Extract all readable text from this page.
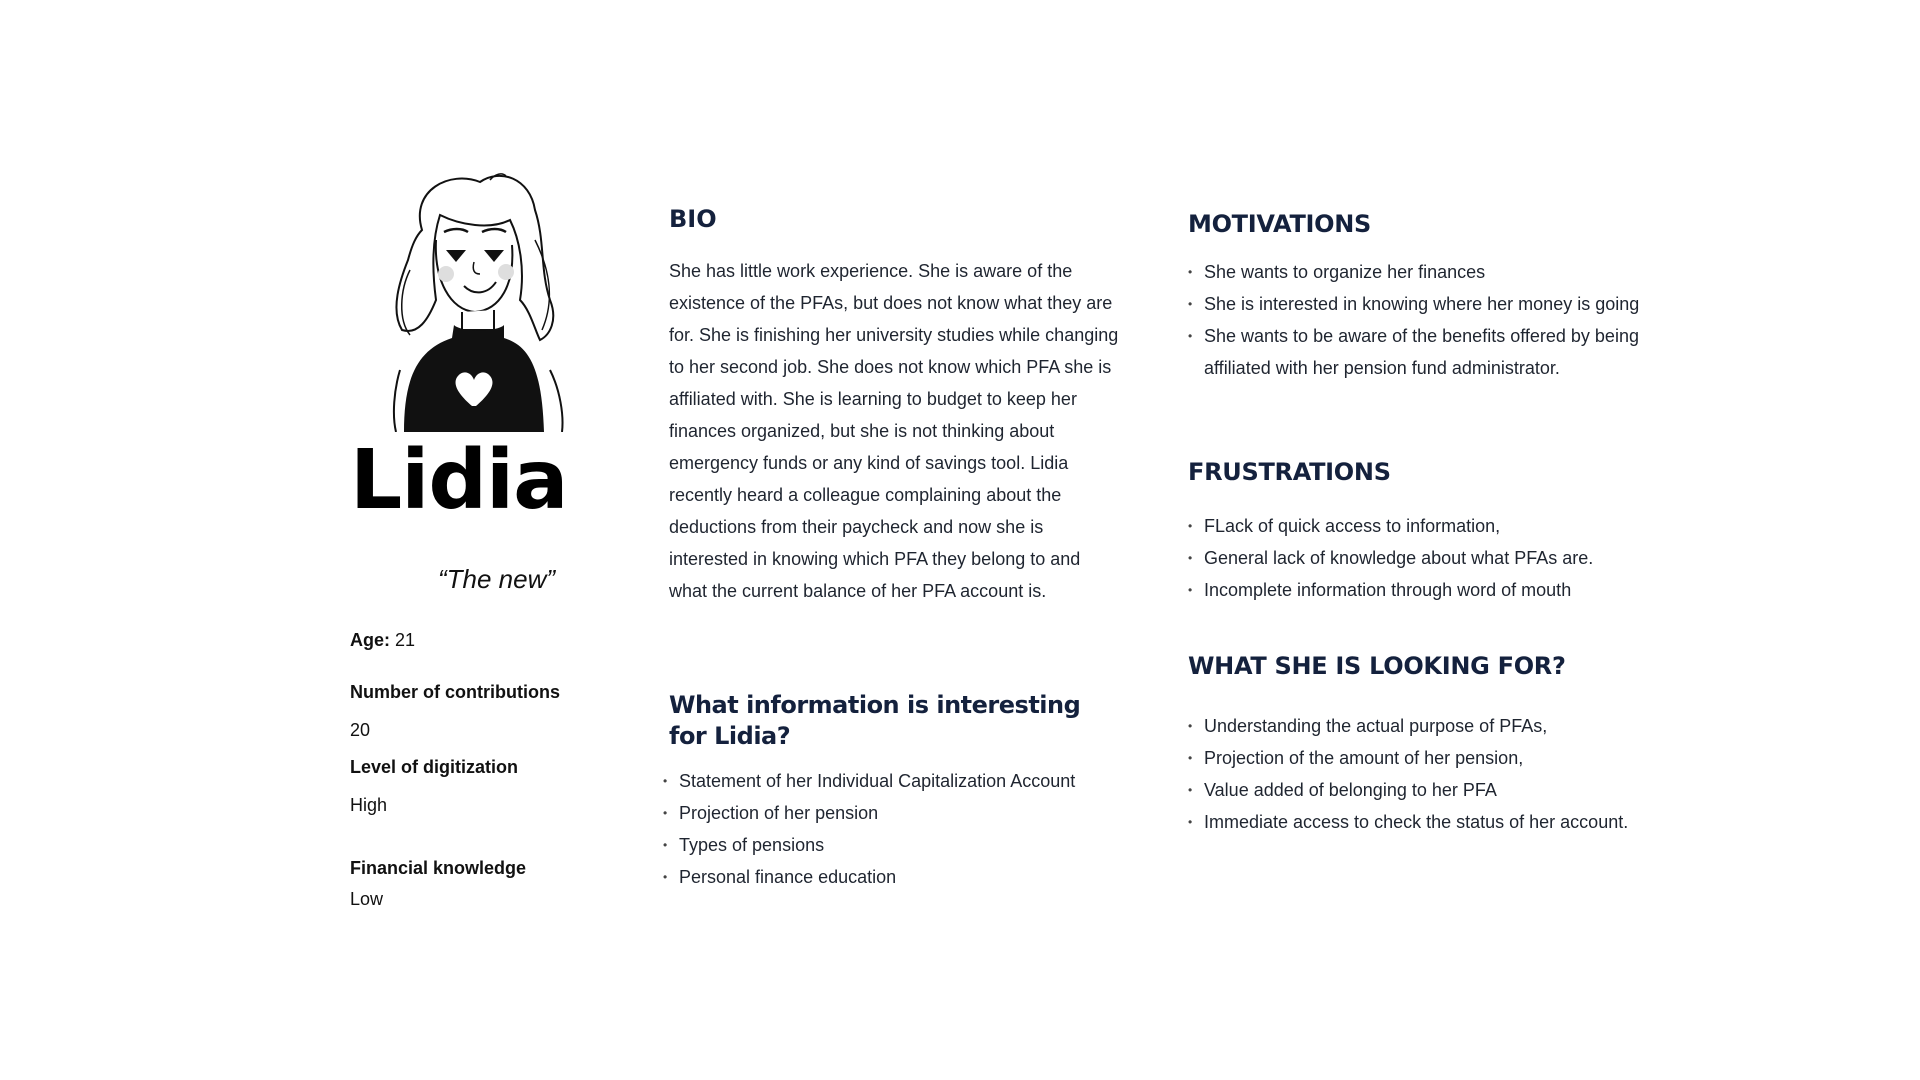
Lidia
“The new”
Age: 21
Number of contributions
20
Level of digitization
High
Financial knowledge
Low
BIO

She has little work experience. She is aware of the existence of the PFAs, but does not know what they are for. She is finishing her university studies while changing to her second job. She does not know which PFA she is affiliated with. She is learning to budget to keep her finances organized, but she is not thinking about emergency funds or any kind of savings tool. Lidia recently heard a colleague complaining about the deductions from their paycheck and now she is interested in knowing which PFA they belong to and what the current balance of her PFA account is.

What information is interesting for Lidia?
• Statement of her Individual Capitalization Account
• Projection of her pension
• Types of pensions
• Personal finance education
MOTIVATIONS
• She wants to organize her finances
• She is interested in knowing where her money is going
• She wants to be aware of the benefits offered by being affiliated with her pension fund administrator.
FRUSTRATIONS
• FLack of quick access to information,
• General lack of knowledge about what PFAs are.
• Incomplete information through word of mouth
WHAT SHE IS LOOKING FOR?
• Understanding the actual purpose of PFAs,
• Projection of the amount of her pension,
• Value added of belonging to her PFA
• Immediate access to check the status of her account.
